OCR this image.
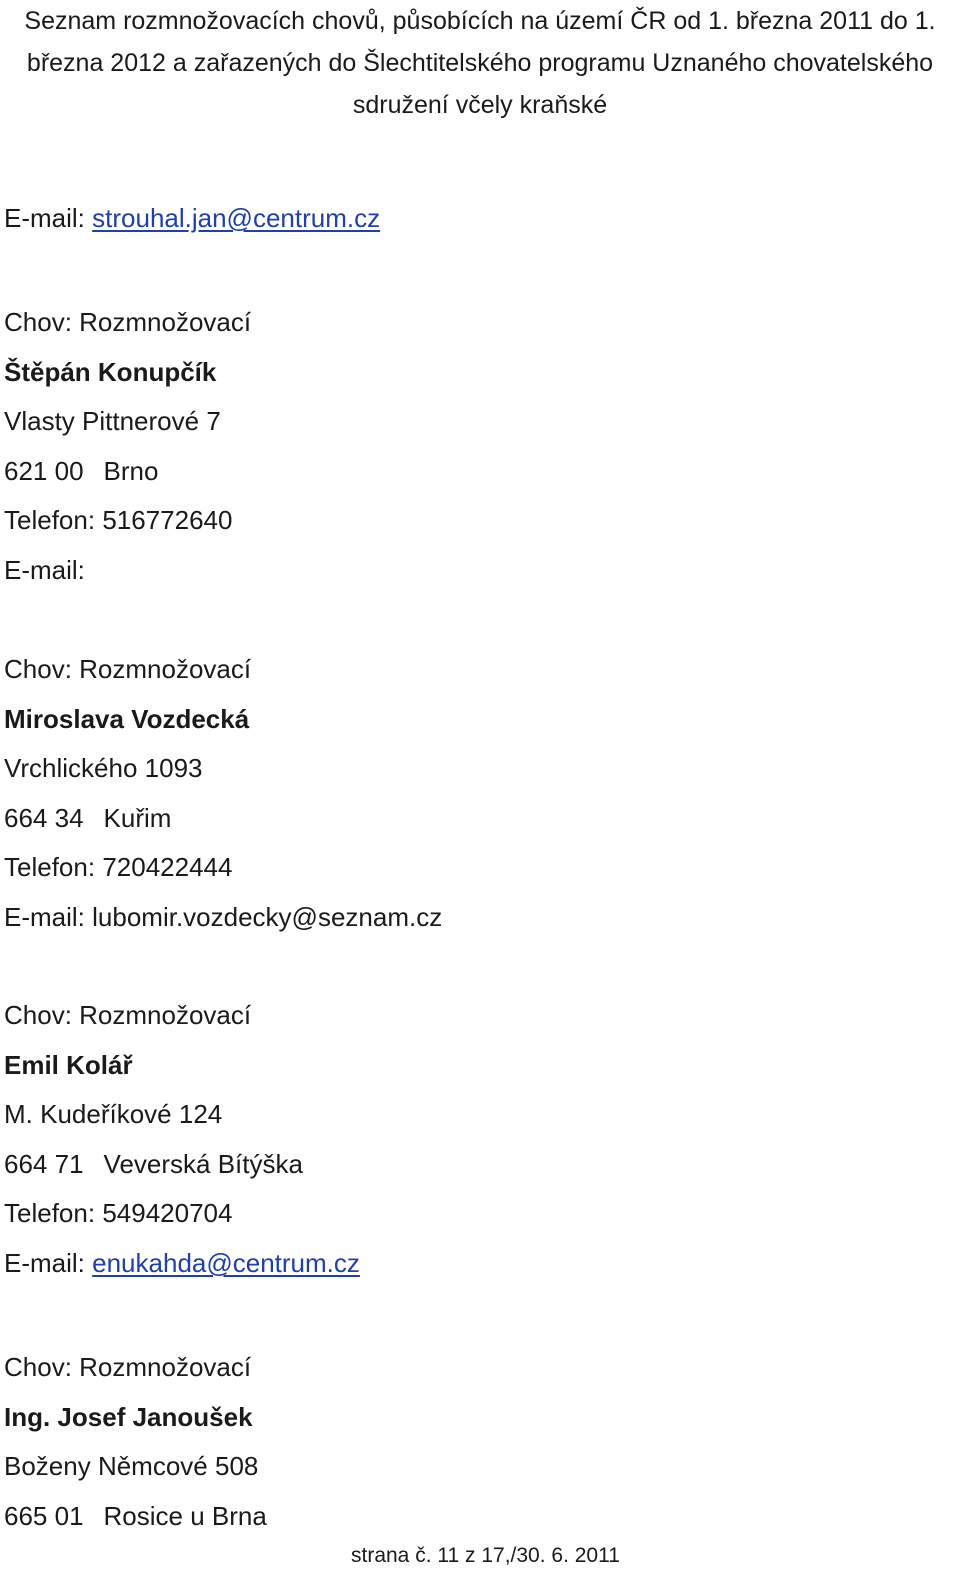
Seznam rozmnožovacích chovů, působících na území ČR od 1. března 2011 do 1. března 2012 a zařazených do Šlechtitelského programu Uznaného chovatelského sdružení včely kraňské
E-mail: strouhal.jan@centrum.cz
Chov: Rozmnožovací
Štěpán Konupčík
Vlasty Pittnerové 7
621 00 Brno
Telefon: 516772640
E-mail:
Chov: Rozmnožovací
Miroslava Vozdecká
Vrchlického 1093
664 34 Kuřim
Telefon: 720422444
E-mail: lubomir.vozdecky@seznam.cz
Chov: Rozmnožovací
Emil Kolář
M. Kudeříkové 124
664 71 Veverská Bítýška
Telefon: 549420704
E-mail: enukahda@centrum.cz
Chov: Rozmnožovací
Ing. Josef Janoušek
Boženy Němcové 508
665 01 Rosice u Brna
strana č. 11 z 17,/30. 6. 2011
